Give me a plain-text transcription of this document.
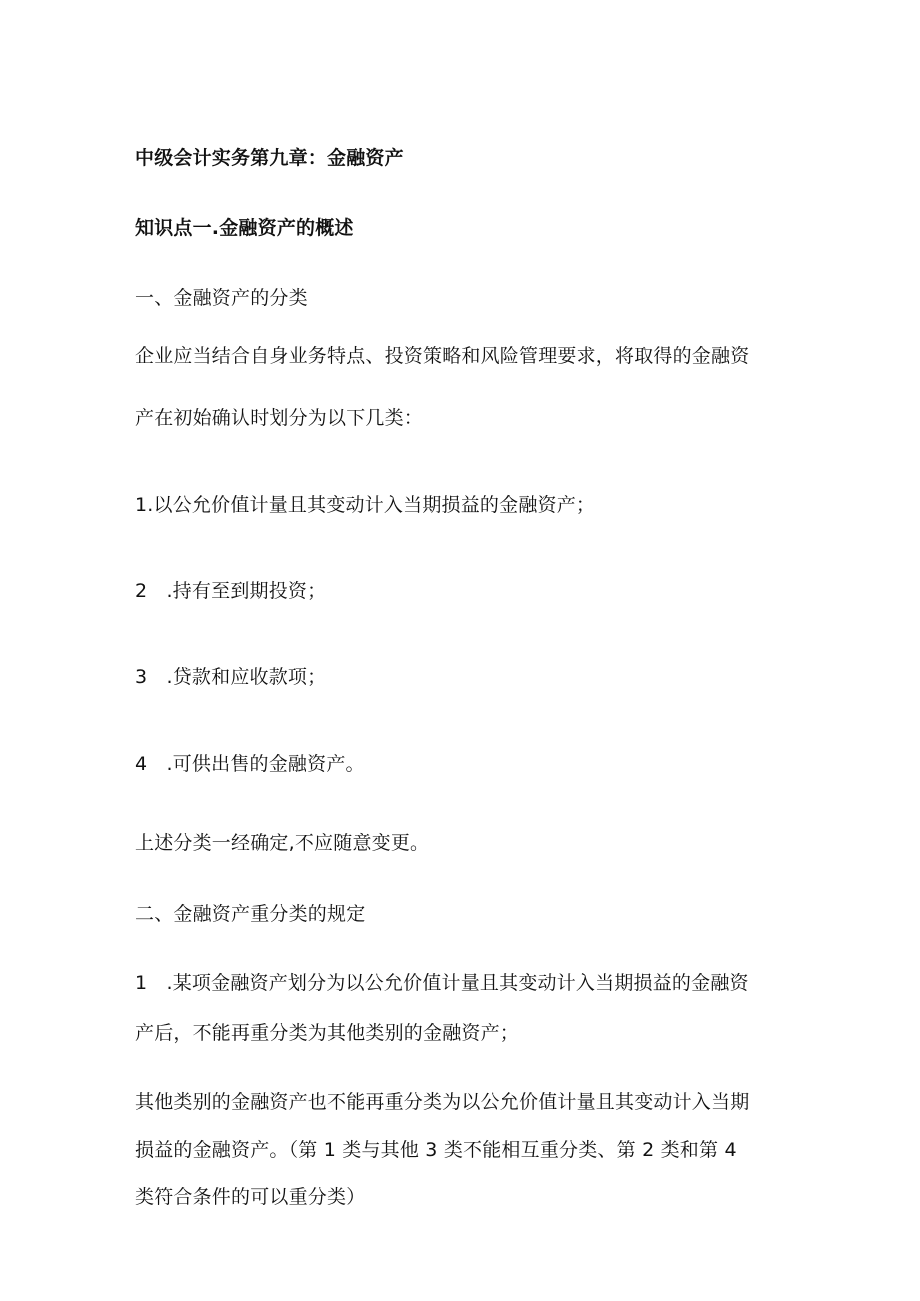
中级会计实务第九章：金融资产
知识点一.金融资产的概述
一、金融资产的分类
企业应当结合自身业务特点、投资策略和风险管理要求，将取得的金融资
产在初始确认时划分为以下几类：
1.以公允价值计量且其变动计入当期损益的金融资产；
2　.持有至到期投资；
3　.贷款和应收款项；
4　.可供出售的金融资产。
上述分类一经确定,不应随意变更。
二、金融资产重分类的规定
1　.某项金融资产划分为以公允价值计量且其变动计入当期损益的金融资
产后，不能再重分类为其他类别的金融资产；
其他类别的金融资产也不能再重分类为以公允价值计量且其变动计入当期
损益的金融资产。（第 1 类与其他 3 类不能相互重分类、第 2 类和第 4
类符合条件的可以重分类）
